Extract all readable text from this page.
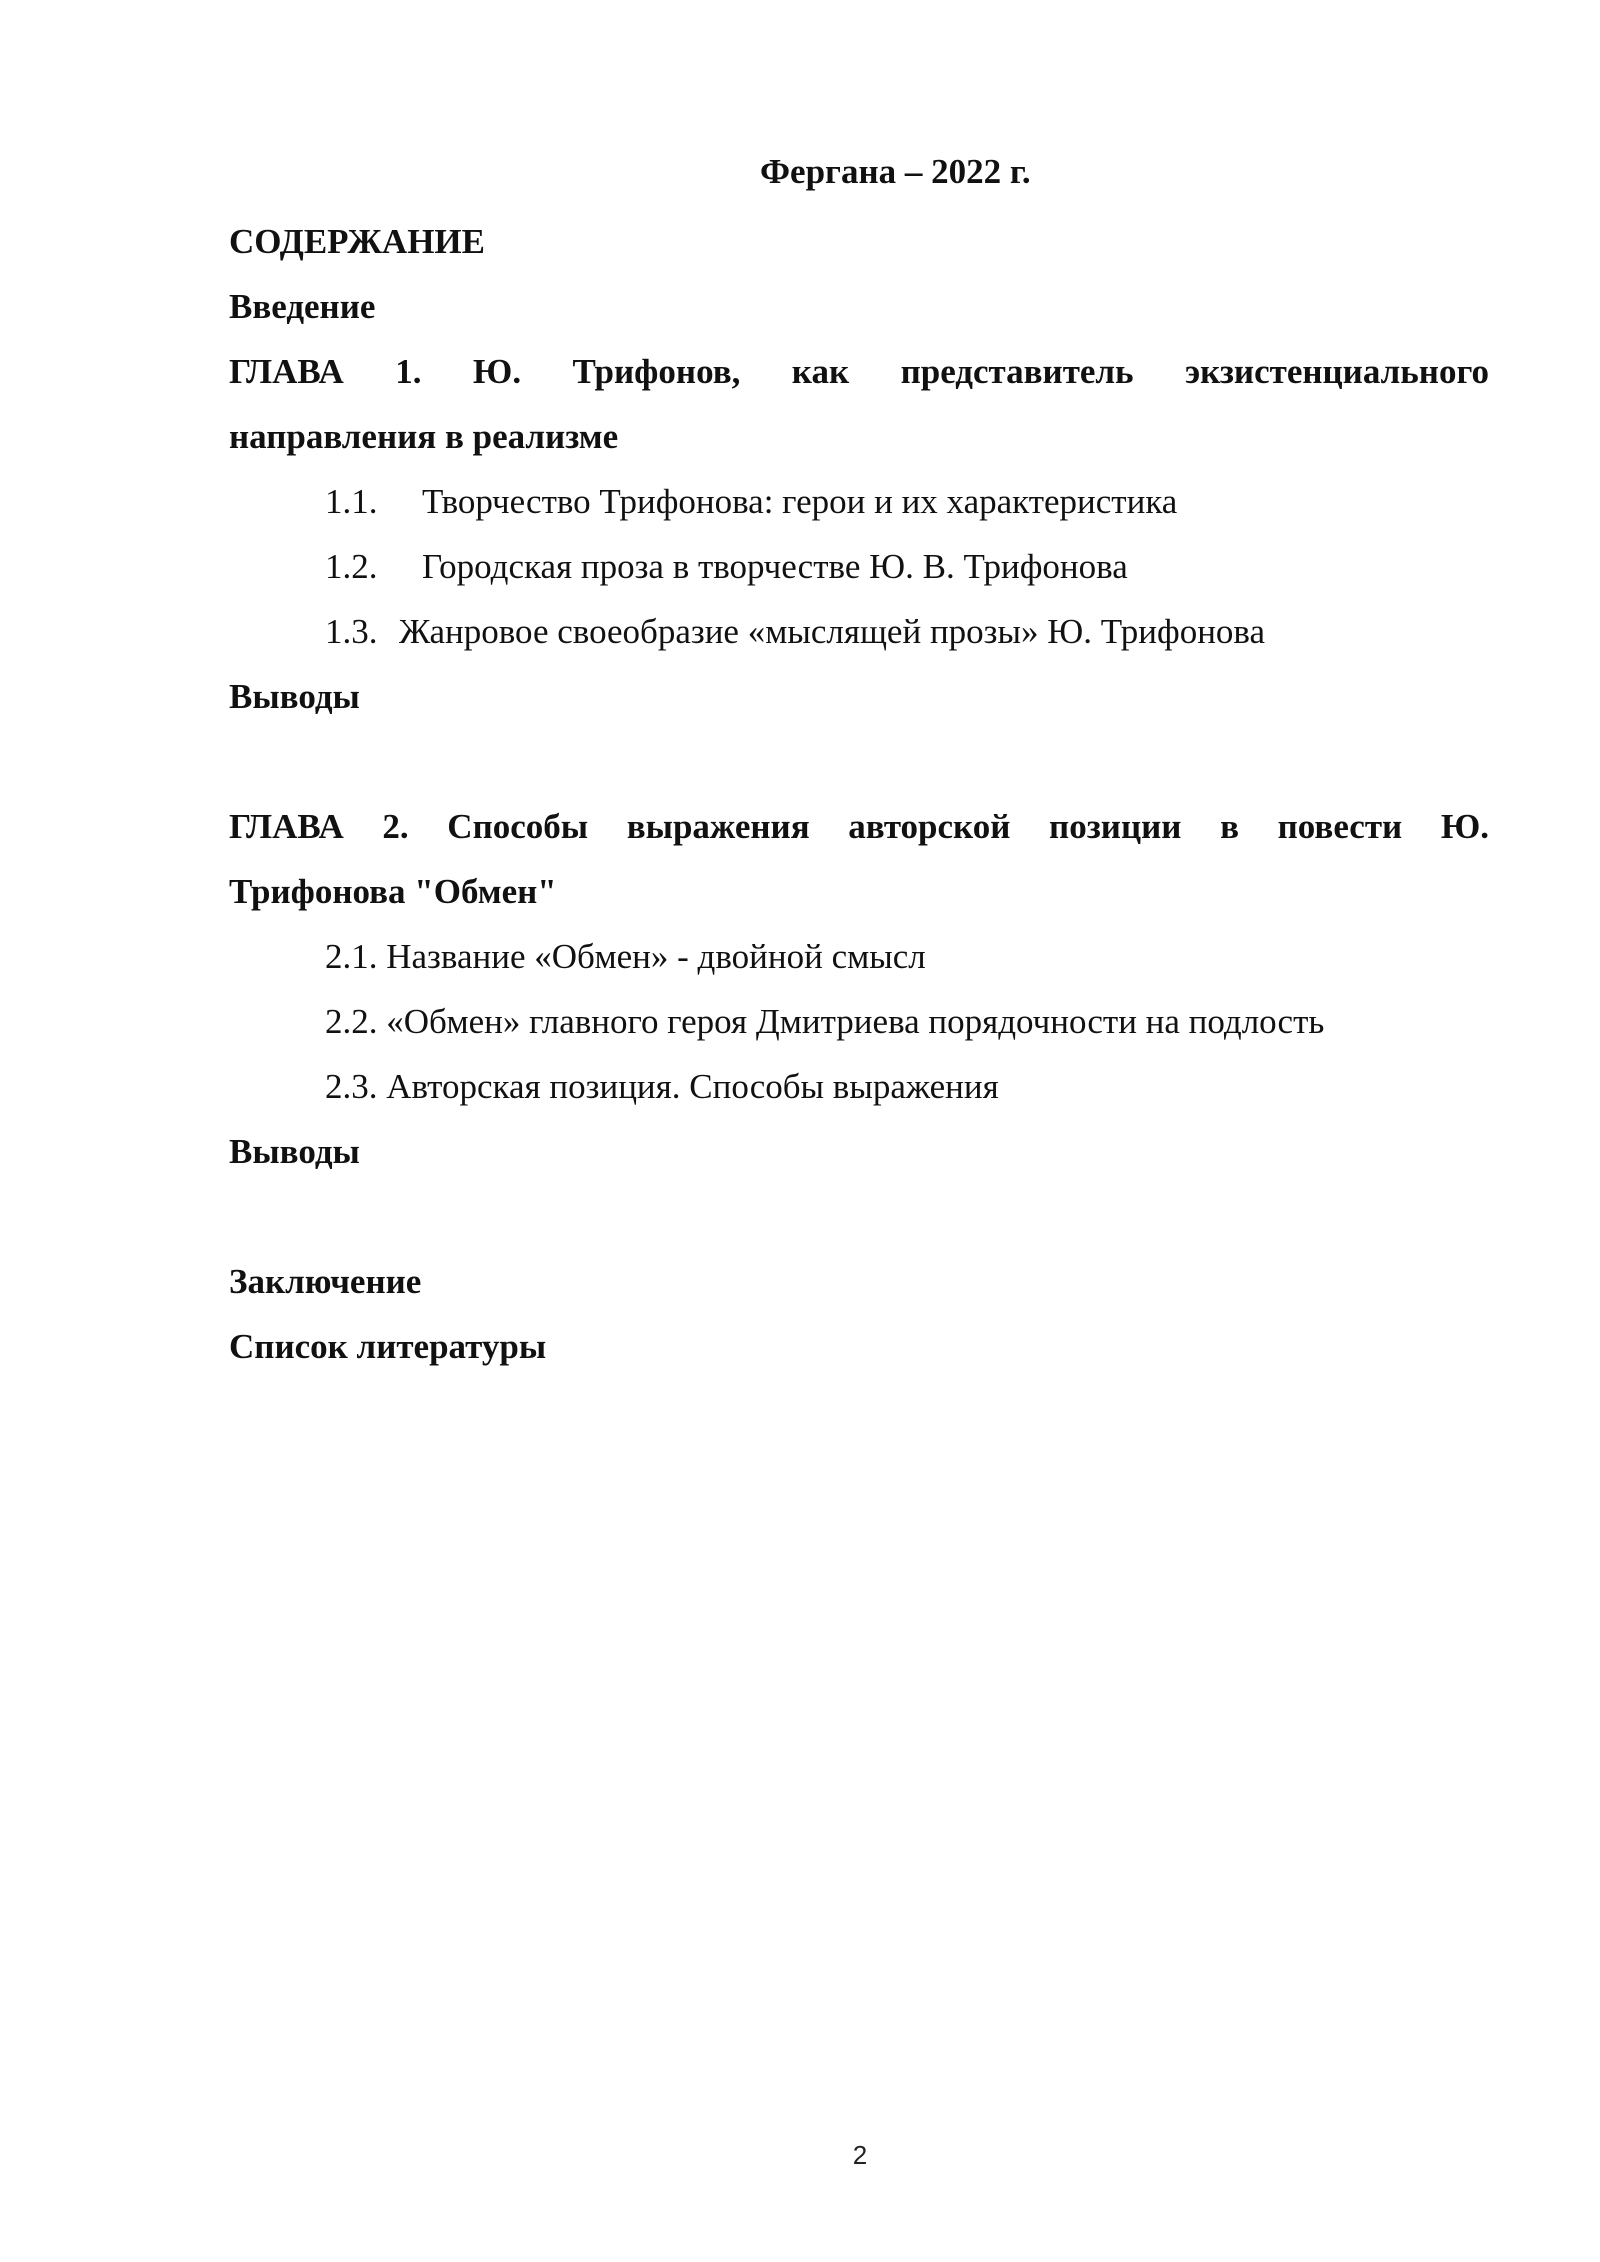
Фергана – 2022 г.
СОДЕРЖАНИЕ
Введение
ГЛАВА 1. Ю. Трифонов, как представитель экзистенциального
направления в реализме
1.1. Творчество Трифонова: герои и их характеристика
1.2. Городская проза в творчестве Ю. В. Трифонова
1.3. Жанровое своеобразие «мыслящей прозы» Ю. Трифонова
Выводы
ГЛАВА 2. Способы выражения авторской позиции в повести Ю.
Трифонова "Обмен"
2.1. Название «Обмен» - двойной смысл
2.2. «Обмен» главного героя Дмитриева порядочности на подлость
2.3. Авторская позиция. Способы выражения
Выводы
Заключение
Список литературы
2
